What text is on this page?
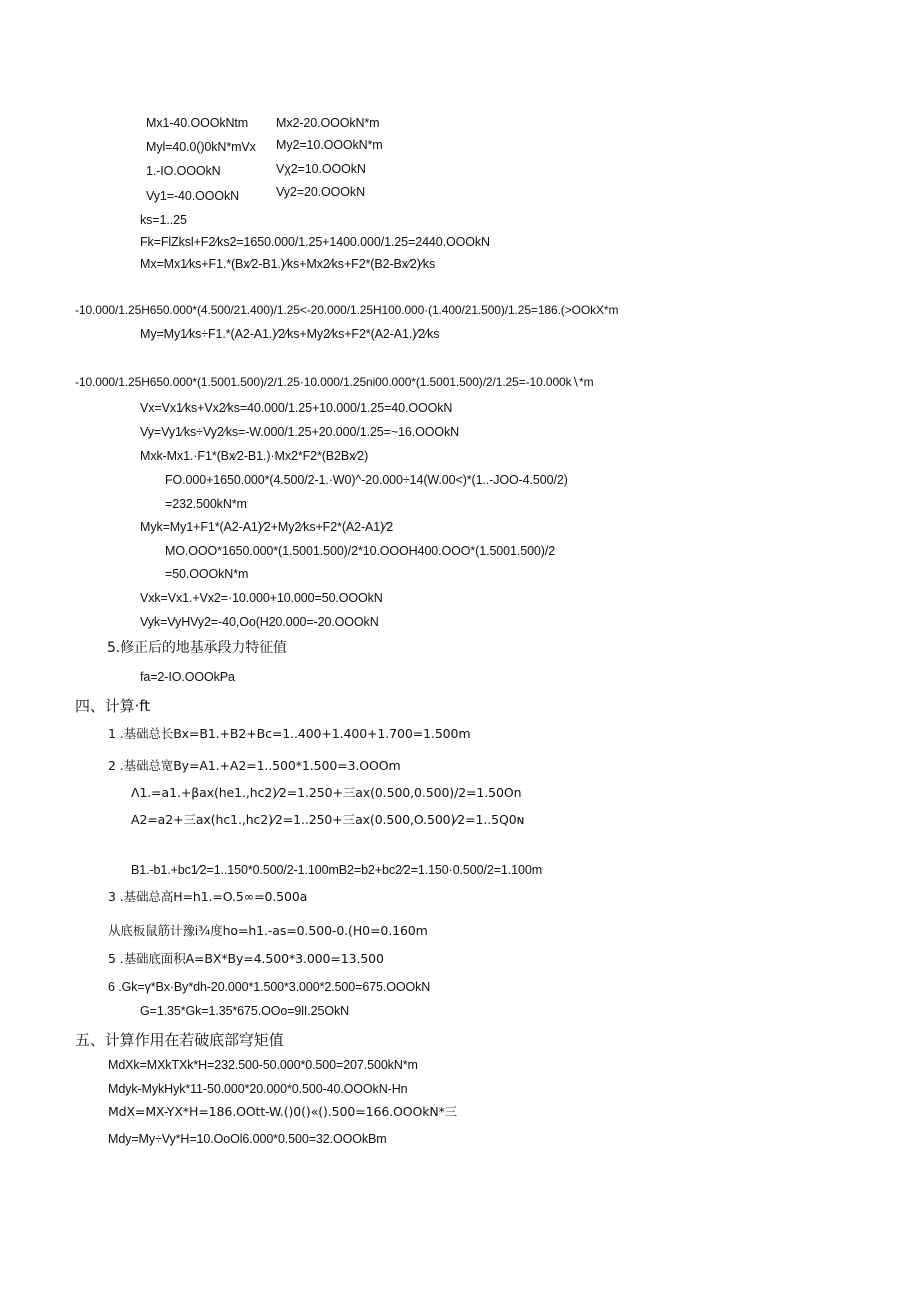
Mx1-40.OOOkNtm Mx2-20.OOOkN*m
Myl=40.0()0kN*mVx My2=10.OOOkN*m
1.-IO.OOOkN	Vχ2=10.OOOkN
Vy1=-40.OOOkN	Vy2=20.OOOkN
ks=1..25
Fk=FlZksl+F2⁄ks2=1650.000/1.25+1400.000/1.25=2440.OOOkN
Mx=Mx1⁄ks+F1.*(Bx⁄2-B1.)⁄ks+Mx2⁄ks+F2*(B2-Bx⁄2)⁄ks
-10.000/1.25H650.000*(4.500/21.400)/1.25<-20.000/1.25H100.000·(1.400/21.500)/1.25=186.(>OOkX*m
My=My1⁄ks÷F1.*(A2-A1.)⁄2⁄ks+My2⁄ks+F2*(A2-A1.)⁄2⁄ks
-10.000/1.25H650.000*(1.5001.500)/2/1.25·10.000/1.25ni00.000*(1.5001.500)/2/1.25=-10.000k∖*m
Vx=Vx1⁄ks+Vx2⁄ks=40.000/1.25+10.000/1.25=40.OOOkN
Vy=Vy1⁄ks÷Vy2⁄ks=-W.000/1.25+20.000/1.25=~16.OOOkN
Mxk-Mx1.·F1*(Bx⁄2-B1.)·Mx2*F2*(B2Bx⁄2)
FO.000+1650.000*(4.500/2-1.·W0)^-20.000÷14(W.00<)*(1..-JOO-4.500/2)
=232.500kN*m
Myk=My1+F1*(A2-A1)⁄2+My2⁄ks+F2*(A2-A1)⁄2
MO.OOO*1650.000*(1.5001.500)/2*10.OOOH400.OOO*(1.5001.500)/2
=50.OOOkN*m
Vxk=Vx1.+Vx2=·10.000+10.000=50.OOOkN
Vyk=VyHVy2=-40,Oo(H20.000=-20.OOOkN
5.修正后的地基承段力特征值
fa=2-IO.OOOkPa
四、计算·ft
1 .基础总长Bx=B1.+B2+Bc=1..400+1.400+1.700=1.500m
2 .基础总宽By=A1.+A2=1..500*1.500=3.OOOm
Λ1.=a1.+βax(he1.,hc2)⁄2=1.250+三ax(0.500,0.500)/2=1.50On
A2=a2+三ax(hc1.,hc2)⁄2=1..250+三ax(0.500,O.500)⁄2=1..5Q0ɴ
B1.-b1.+bc1⁄2=1..150*0.500/2-1.100mB2=b2+bc2⁄2=1.150·0.500/2=1.100m
3 .基础总高H=h1.=O.5∞=0.500a
从底板鼠筋计豫i¾度ho=h1.-as=0.500-0.(H0=0.160m
5 .基础底面积A=BX*By=4.500*3.000=13.500
6 .Gk=γ*Bx·By*dh-20.000*1.500*3.000*2.500=675.OOOkN
G=1.35*Gk=1.35*675.OOo=9lI.25OkN
五、计算作用在若破底部穹矩值
MdXk=MXkTXk*H=232.500-50.000*0.500=207.500kN*m
Mdyk-MykHyk*11-50.000*20.000*0.500-40.OOOkN-Hn
MdX=MX-YX*H=186.OOtt-W.()0()«().500=166.OOOkN*三
Mdy=My÷Vy*H=10.OoOl6.000*0.500=32.OOOkBm
